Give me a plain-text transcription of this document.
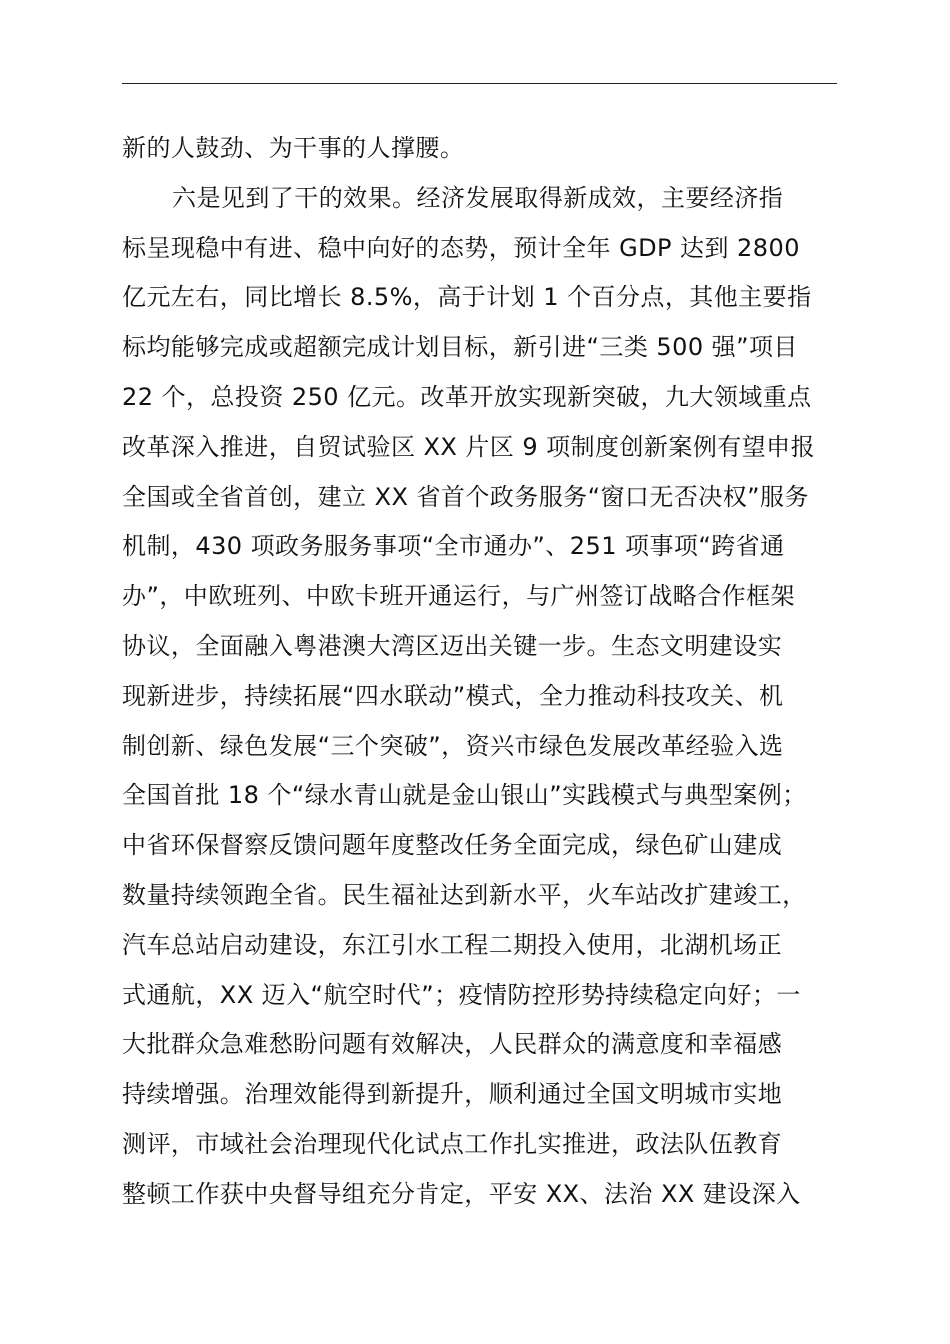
新的人鼓劲、为干事的人撑腰。
六是见到了干的效果。经济发展取得新成效，主要经济指
标呈现稳中有进、稳中向好的态势，预计全年 GDP 达到 2800
亿元左右，同比增长 8.5%，高于计划 1 个百分点，其他主要指
标均能够完成或超额完成计划目标，新引进“三类 500 强”项目
22 个，总投资 250 亿元。改革开放实现新突破，九大领域重点
改革深入推进，自贸试验区 XX 片区 9 项制度创新案例有望申报
全国或全省首创，建立 XX 省首个政务服务“窗口无否决权”服务
机制，430 项政务服务事项“全市通办”、251 项事项“跨省通
办”，中欧班列、中欧卡班开通运行，与广州签订战略合作框架
协议，全面融入粤港澳大湾区迈出关键一步。生态文明建设实
现新进步，持续拓展“四水联动”模式，全力推动科技攻关、机
制创新、绿色发展“三个突破”，资兴市绿色发展改革经验入选
全国首批 18 个“绿水青山就是金山银山”实践模式与典型案例；
中省环保督察反馈问题年度整改任务全面完成，绿色矿山建成
数量持续领跑全省。民生福祉达到新水平，火车站改扩建竣工，
汽车总站启动建设，东江引水工程二期投入使用，北湖机场正
式通航，XX 迈入“航空时代”；疫情防控形势持续稳定向好；一
大批群众急难愁盼问题有效解决，人民群众的满意度和幸福感
持续增强。治理效能得到新提升，顺利通过全国文明城市实地
测评，市域社会治理现代化试点工作扎实推进，政法队伍教育
整顿工作获中央督导组充分肯定，平安 XX、法治 XX 建设深入
